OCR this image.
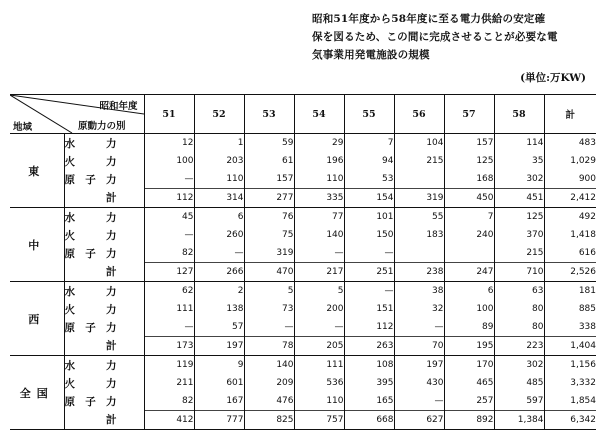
昭和51年度から58年度に至る電力供給の安定確
保を図るため、この間に完成させることが必要な電
気事業用発電施設の規模
(単位:万KW)
昭和年度
原動力の別
地域		51	52	53	54	55	56	57	58	計
東	水 力	12	1	59	29	7	104	157	114	483

	火 力	100	203	61	196	94	215	125	35	1,029

	原 子 力	—	110	157	110	53		168	302	900

	計	112	314	277	335	154	319	450	451	2,412
中	水 力	45	6	76	77	101	55	7	125	492

	火 力	—	260	75	140	150	183	240	370	1,418

	原 子 力	82	—	319	—	—			215	616

	計	127	266	470	217	251	238	247	710	2,526
西	水 力	62	2	5	5	—	38	6	63	181

	火 力	111	138	73	200	151	32	100	80	885

	原 子 力	—	57	—	—	112	—	89	80	338

	計	173	197	78	205	263	70	195	223	1,404
全国	水 力	119	9	140	111	108	197	170	302	1,156

	火 力	211	601	209	536	395	430	465	485	3,332

	原 子 力	82	167	476	110	165	—	257	597	1,854

	計	412	777	825	757	668	627	892	1,384	6,342
